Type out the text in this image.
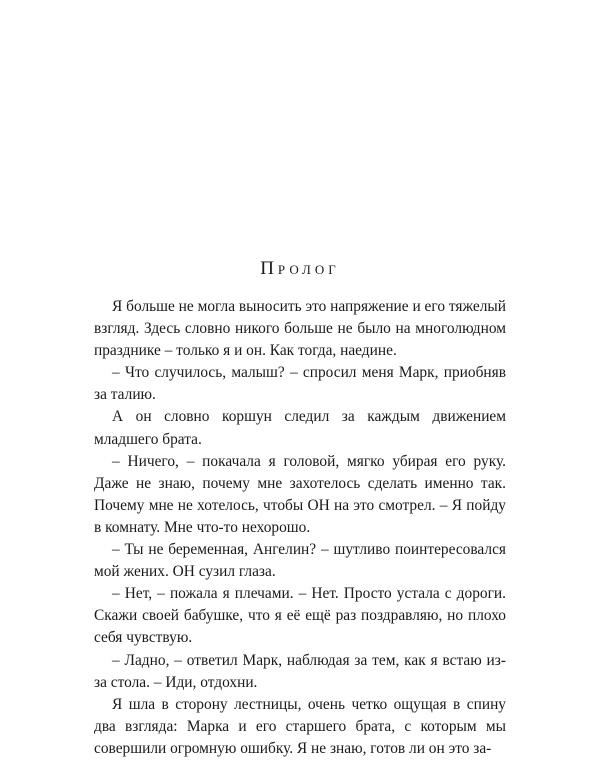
Пролог

Я больше не могла выносить это напряжение и его тяжелый взгляд. Здесь словно никого больше не было на многолюдном празднике – только я и он. Как тогда, наедине.

– Что случилось, малыш? – спросил меня Марк, приобняв за талию.

А он словно коршун следил за каждым движением младшего брата.

– Ничего, – покачала я головой, мягко убирая его руку. Даже не знаю, почему мне захотелось сделать именно так. Почему мне не хотелось, чтобы ОН на это смотрел. – Я пойду в комнату. Мне что-то нехорошо.

– Ты не беременная, Ангелин? – шутливо поинтересовался мой жених. ОН сузил глаза.

– Нет, – пожала я плечами. – Нет. Просто устала с дороги. Скажи своей бабушке, что я её ещё раз поздравляю, но плохо себя чувствую.

– Ладно, – ответил Марк, наблюдая за тем, как я встаю из-за стола. – Иди, отдохни.

Я шла в сторону лестницы, очень четко ощущая в спину два взгляда: Марка и его старшего брата, с которым мы совершили огромную ошибку. Я не знаю, готов ли он это за-
